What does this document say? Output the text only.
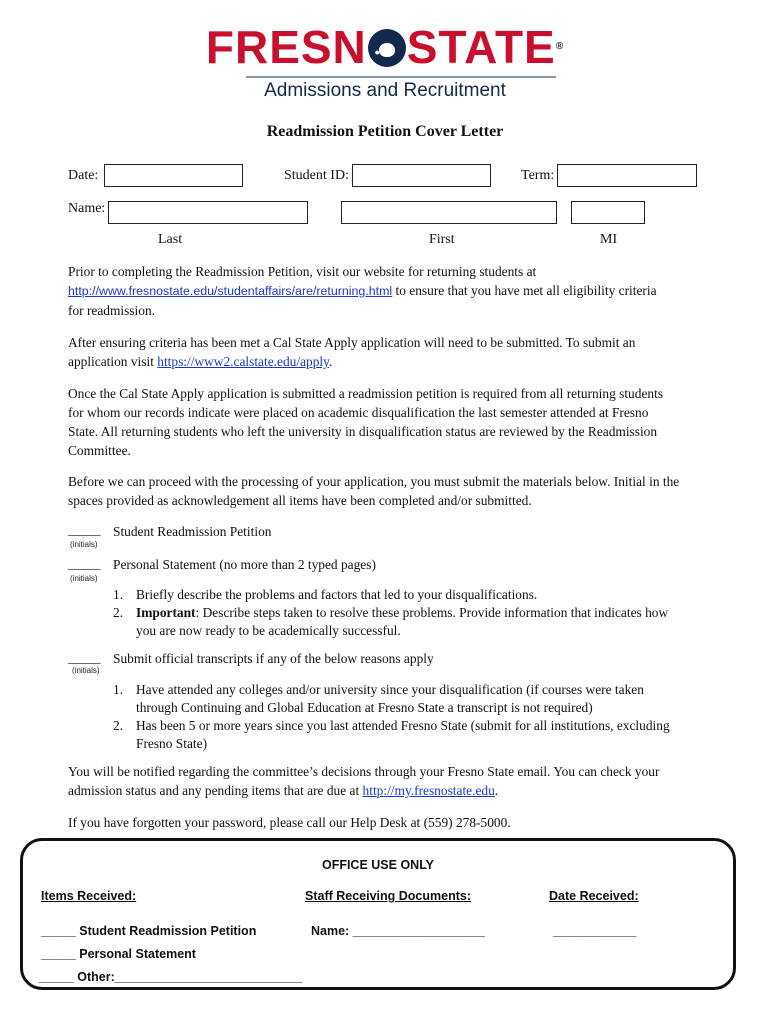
FRESN• • • STATE®
Admissions and Recruitment
Readmission Petition Cover Letter
Date:	Student ID:	Term:
Name:
Last	First	MI
Prior to completing the Readmission Petition, visit our website for returning students at
http://www.fresnostate.edu/studentaffairs/are/returning.html to ensure that you have met all eligibility criteria
for readmission.
After ensuring criteria has been met a Cal State Apply application will need to be submitted. To submit an
application visit https://www2.calstate.edu/apply.
Once the Cal State Apply application is submitted a readmission petition is required from all returning students
for whom our records indicate were placed on academic disqualification the last semester attended at Fresno
State. All returning students who left the university in disqualification status are reviewed by the Readmission
Committee.
Before we can proceed with the processing of your application, you must submit the materials below. Initial in the
spaces provided as acknowledgement all items have been completed and/or submitted.
_____
(initials)
Student Readmission Petition
_____
(initials)
Personal Statement (no more than 2 typed pages)
1. Briefly describe the problems and factors that led to your disqualifications.
2. Important: Describe steps taken to resolve these problems. Provide information that indicates how
you are now ready to be academically successful.
_____
(initials)
Submit official transcripts if any of the below reasons apply
1. Have attended any colleges and/or university since your disqualification (if courses were taken
through Continuing and Global Education at Fresno State a transcript is not required)
2. Has been 5 or more years since you last attended Fresno State (submit for all institutions, excluding
Fresno State)
You will be notified regarding the committee’s decisions through your Fresno State email. You can check your
admission status and any pending items that are due at http://my.fresnostate.edu.
If you have forgotten your password, please call our Help Desk at (559) 278-5000.
OFFICE USE ONLY
Items Received:	Staff Receiving Documents:	Date Received:
_____ Student Readmission Petition	Name: ___________________	____________
_____ Personal Statement
_____ Other:___________________________
